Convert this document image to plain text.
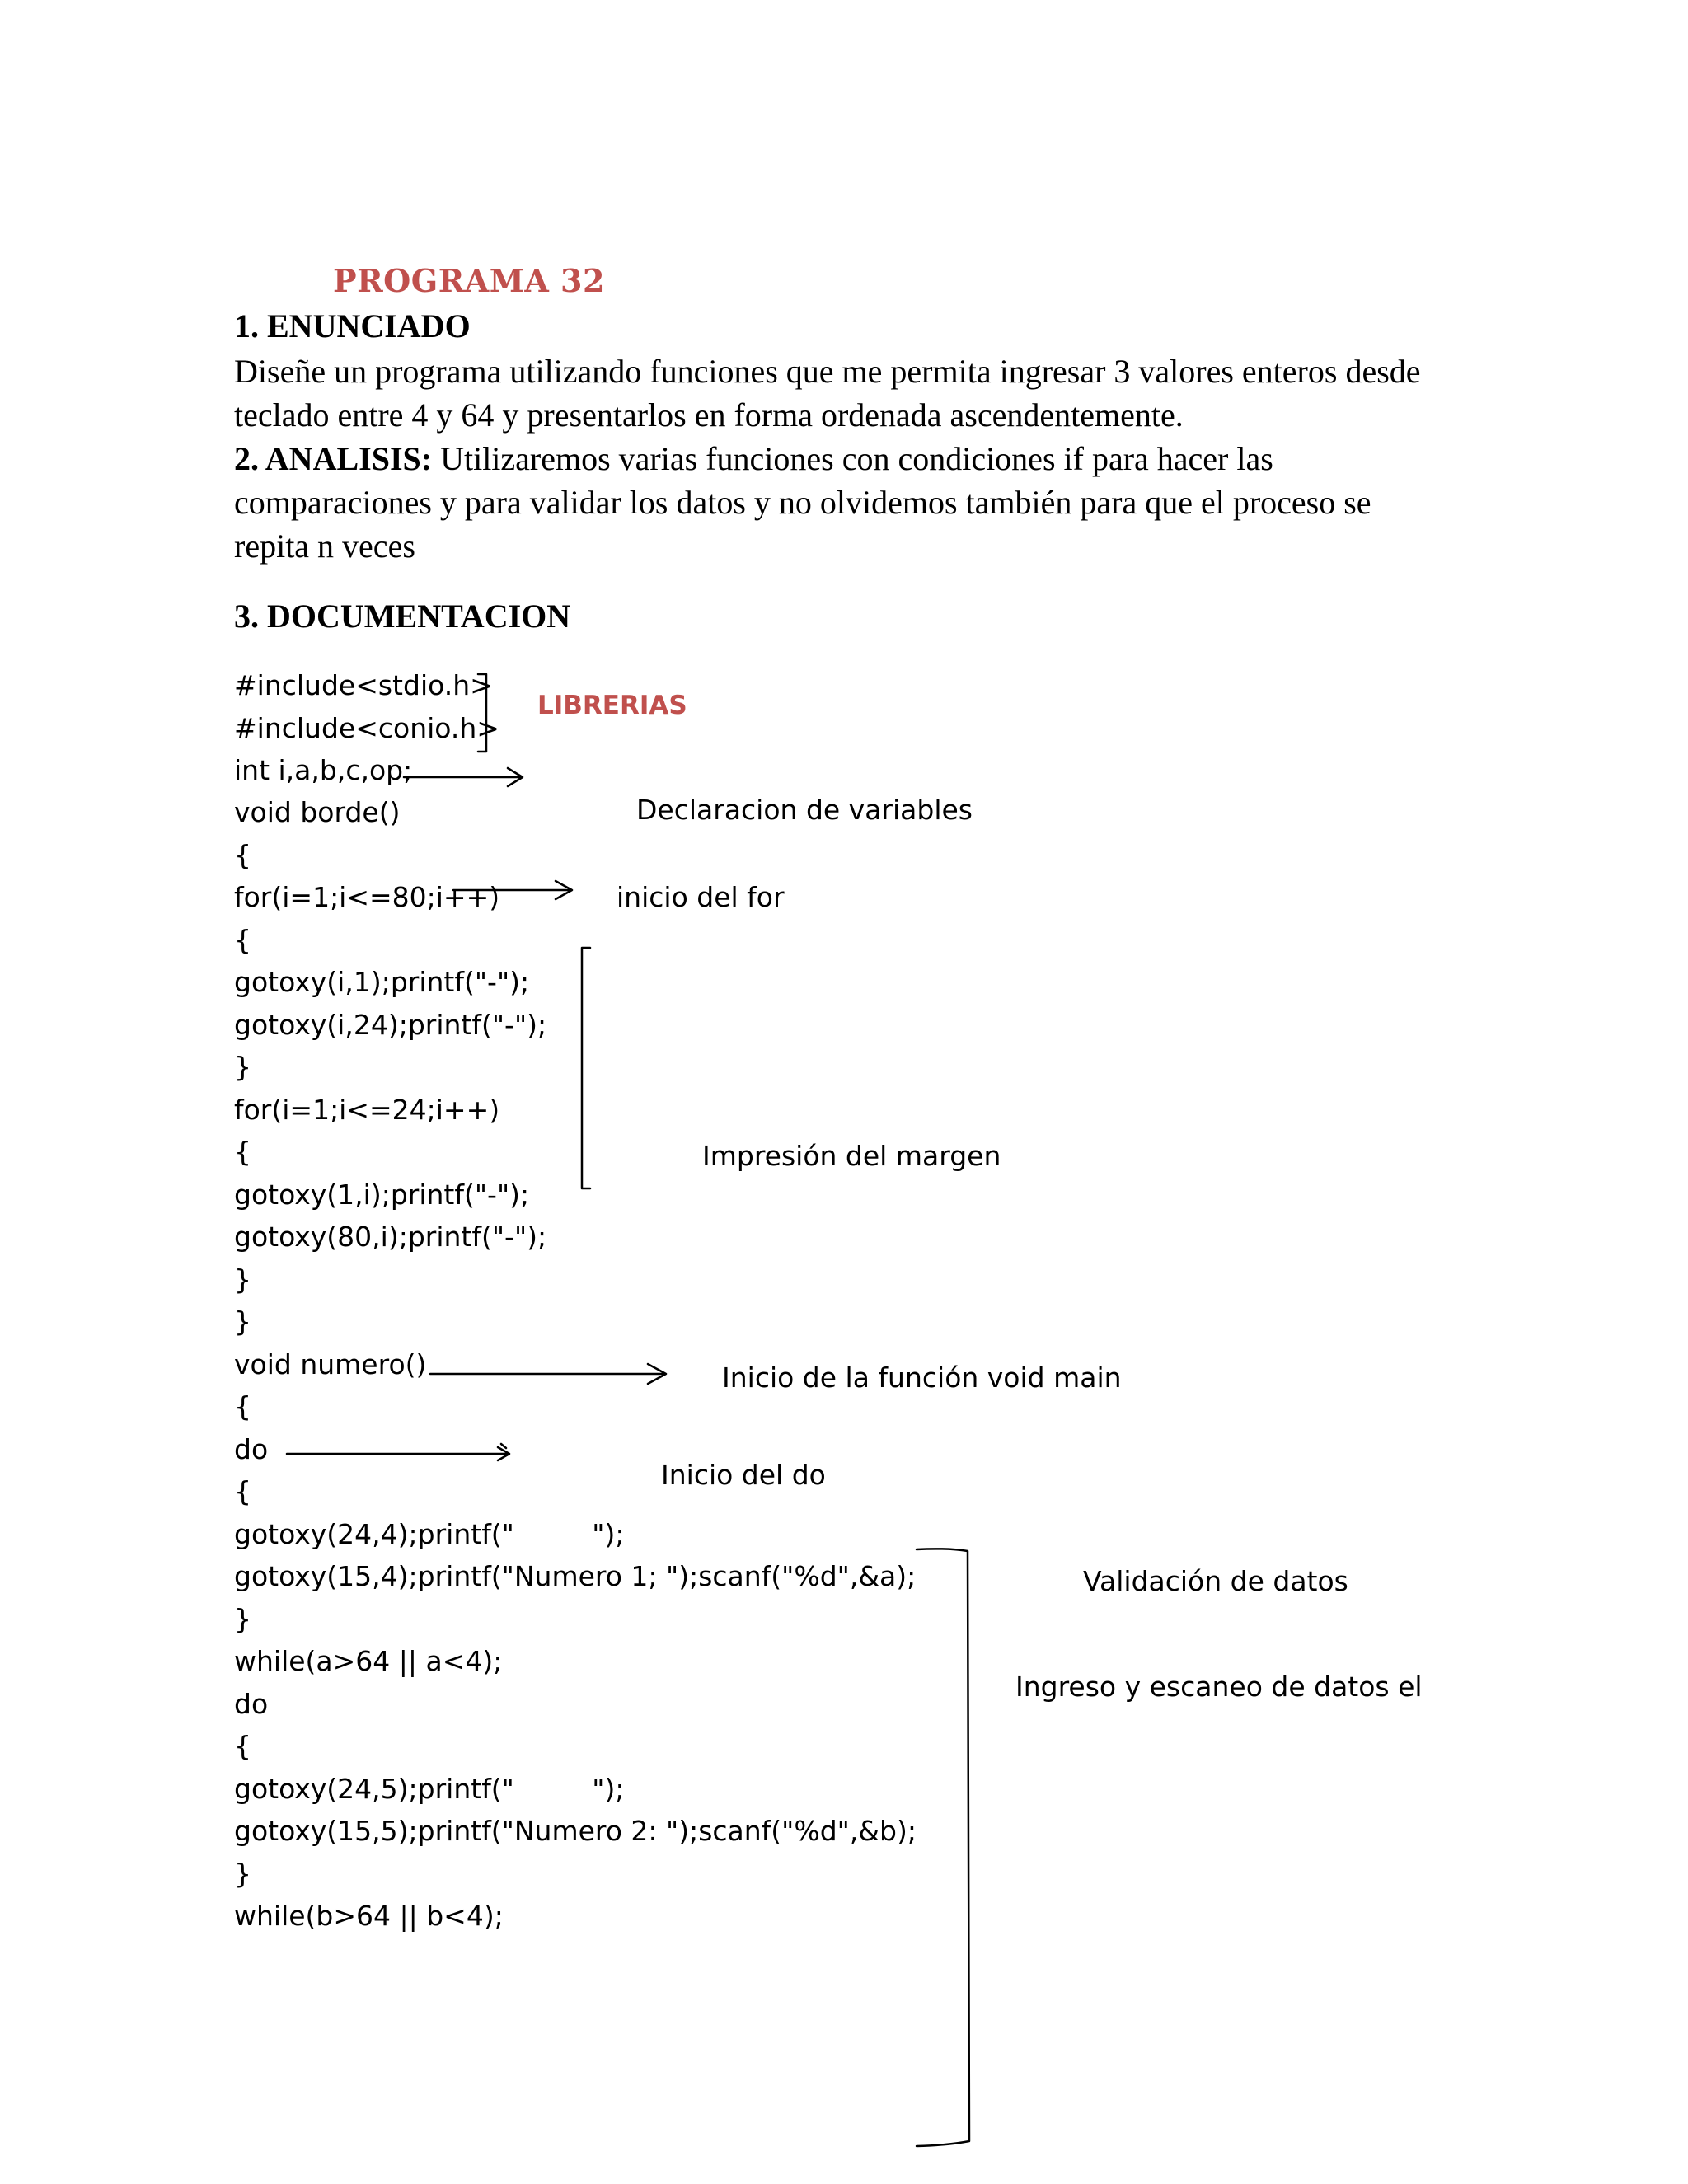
PROGRAMA 32
1. ENUNCIADO
Diseñe un programa utilizando funciones que me permita ingresar 3 valores enteros desde teclado entre 4 y 64 y presentarlos en forma ordenada ascendentemente.
2. ANALISIS: Utilizaremos varias funciones con condiciones if para hacer las comparaciones y para validar los datos y no olvidemos también para que el proceso se repita n veces
3. DOCUMENTACION
#include<stdio.h>
#include<conio.h>
int i,a,b,c,op;
void borde()
{
for(i=1;i<=80;i++)
{
gotoxy(i,1);printf("-");
gotoxy(i,24);printf("-");
}
for(i=1;i<=24;i++)
{
gotoxy(1,i);printf("-");
gotoxy(80,i);printf("-");
}
}
void numero()
{
do
{
gotoxy(24,4);printf("         ");
gotoxy(15,4);printf("Numero 1; ");scanf("%d",&a);
}
while(a>64 || a<4);
do
{
gotoxy(24,5);printf("         ");
gotoxy(15,5);printf("Numero 2: ");scanf("%d",&b);
}
while(b>64 || b<4);
LIBRERIAS
Declaracion de variables
inicio del for
Impresión del margen
Inicio de la función void main
Inicio del do
Validación de datos
Ingreso y escaneo de datos el
